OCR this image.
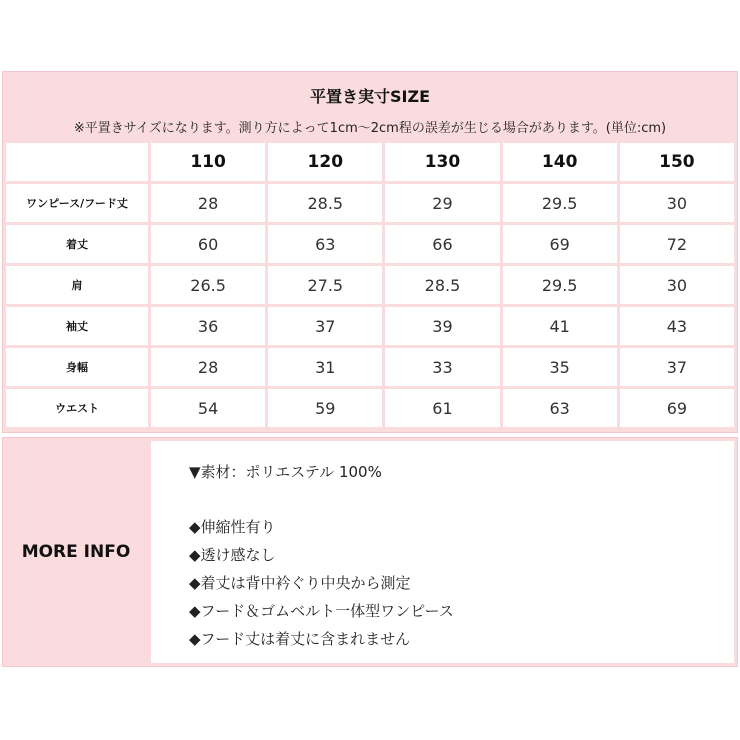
平置き実寸SIZE
※平置きサイズになります。測り方によって1cm～2cm程の誤差が生じる場合があります。(単位:cm)
	110	120	130	140	150
ワンピース/フード丈	28	28.5	29	29.5	30
着丈	60	63	66	69	72
肩	26.5	27.5	28.5	29.5	30
袖丈	36	37	39	41	43
身幅	28	31	33	35	37
ウエスト	54	59	61	63	69
MORE INFO
▼素材：ポリエステル 100%
◆伸縮性有り
◆透け感なし
◆着丈は背中衿ぐり中央から測定
◆フード＆ゴムベルト一体型ワンピース
◆フード丈は着丈に含まれません
